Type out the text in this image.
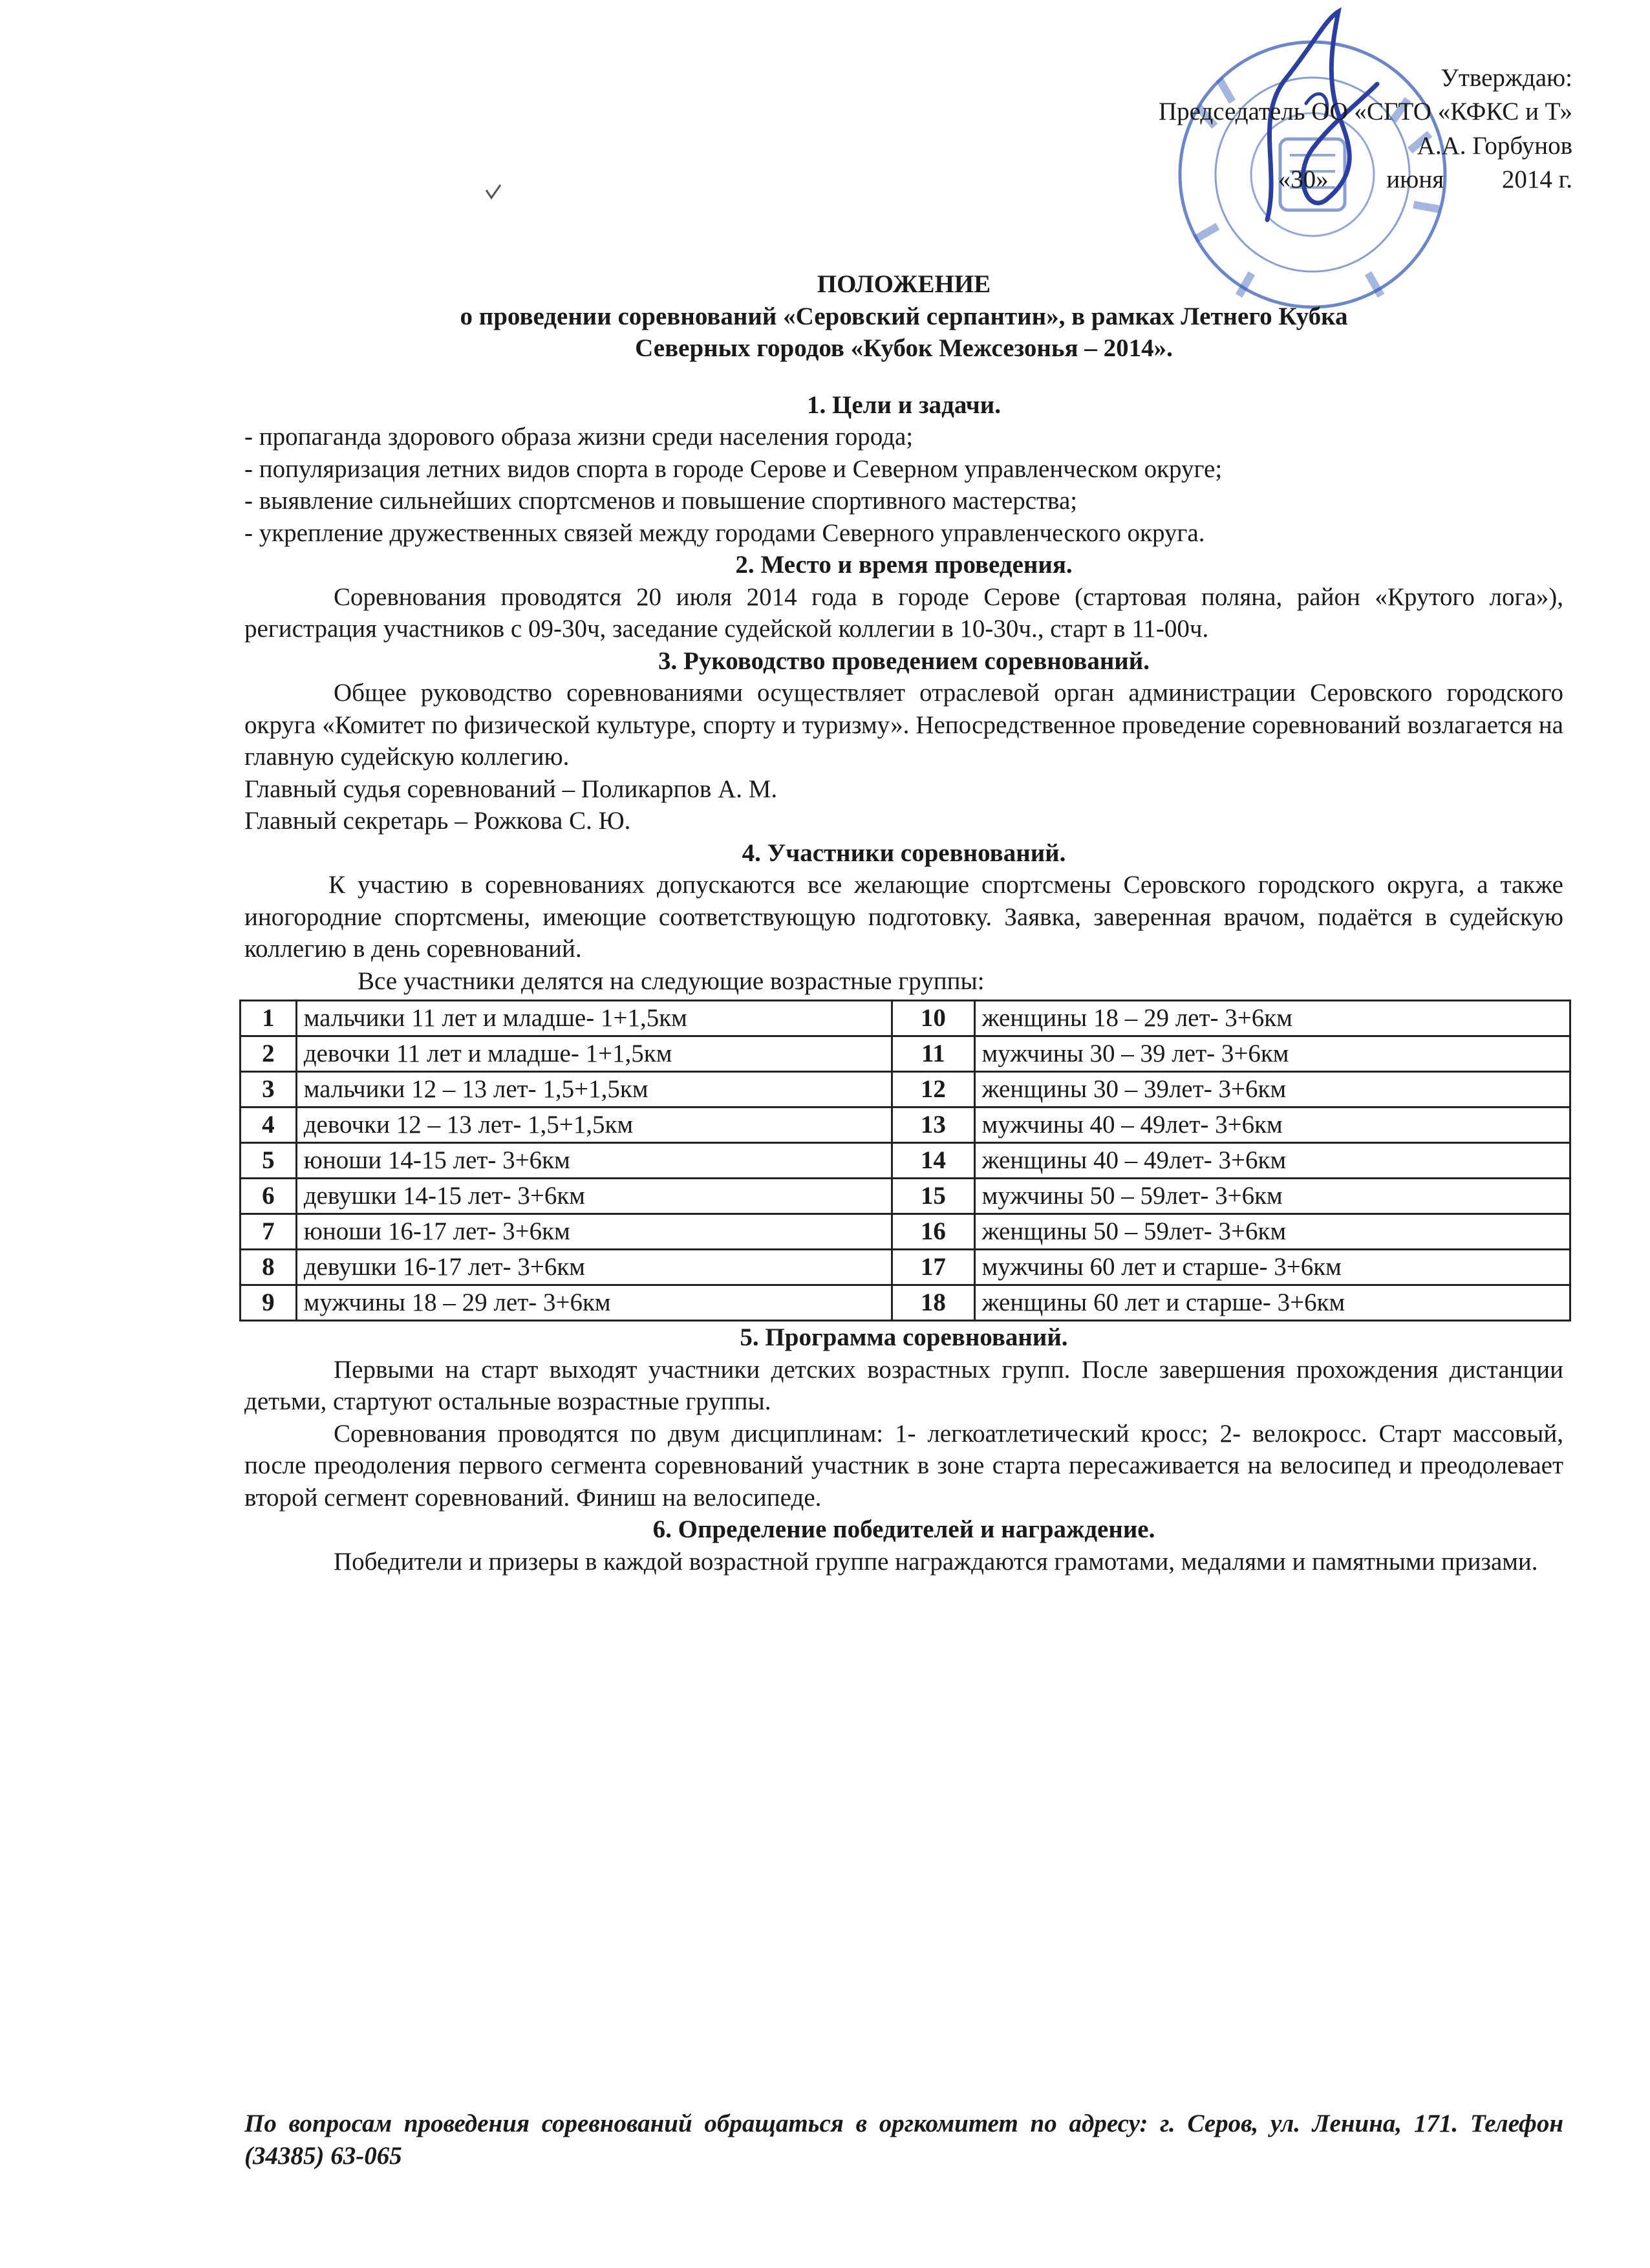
Утверждаю:
Председатель ОО «СГТО «КФКС и Т»
А.А. Горбунов
«30» июня 2014 г.
ПОЛОЖЕНИЕ
о проведении соревнований «Серовский серпантин», в рамках Летнего Кубка
Северных городов «Кубок Межсезонья – 2014».
1. Цели и задачи.
- пропаганда здорового образа жизни среди населения города;
- популяризация летних видов спорта в городе Серове и Северном управленческом округе;
- выявление сильнейших спортсменов и повышение спортивного мастерства;
- укрепление дружественных связей между городами Северного управленческого округа.
2. Место и время проведения.

Соревнования проводятся 20 июля 2014 года в городе Серове (стартовая поляна, район «Крутого лога»), регистрация участников с 09-30ч, заседание судейской коллегии в 10-30ч., старт в 11-00ч.

3. Руководство проведением соревнований.

Общее руководство соревнованиями осуществляет отраслевой орган администрации Серовского городского округа «Комитет по физической культуре, спорту и туризму». Непосредственное проведение соревнований возлагается на главную судейскую коллегию.

Главный судья соревнований – Поликарпов А. М.
Главный секретарь – Рожкова С. Ю.
4. Участники соревнований.

К участию в соревнованиях допускаются все желающие спортсмены Серовского городского округа, а также иногородние спортсмены, имеющие соответствующую подготовку. Заявка, заверенная врачом, подаётся в судейскую коллегию в день соревнований.

Все участники делятся на следующие возрастные группы:
1	мальчики 11 лет и младше- 1+1,5км	10	женщины 18 – 29 лет- 3+6км
2	девочки 11 лет и младше- 1+1,5км	11	мужчины 30 – 39 лет- 3+6км
3	мальчики 12 – 13 лет- 1,5+1,5км	12	женщины 30 – 39лет- 3+6км
4	девочки 12 – 13 лет- 1,5+1,5км	13	мужчины 40 – 49лет- 3+6км
5	юноши 14-15 лет- 3+6км	14	женщины 40 – 49лет- 3+6км
6	девушки 14-15 лет- 3+6км	15	мужчины 50 – 59лет- 3+6км
7	юноши 16-17 лет- 3+6км	16	женщины 50 – 59лет- 3+6км
8	девушки 16-17 лет- 3+6км	17	мужчины 60 лет и старше- 3+6км
9	мужчины 18 – 29 лет- 3+6км	18	женщины 60 лет и старше- 3+6км
5. Программа соревнований.

Первыми на старт выходят участники детских возрастных групп. После завершения прохождения дистанции детьми, стартуют остальные возрастные группы.

Соревнования проводятся по двум дисциплинам: 1- легкоатлетический кросс; 2- велокросс. Старт массовый, после преодоления первого сегмента соревнований участник в зоне старта пересаживается на велосипед и преодолевает второй сегмент соревнований. Финиш на велосипеде.

6. Определение победителей и награждение.

Победители и призеры в каждой возрастной группе награждаются грамотами, медалями и памятными призами.

По вопросам проведения соревнований обращаться в оргкомитет по адресу: г. Серов, ул. Ленина, 171. Телефон (34385) 63-065
